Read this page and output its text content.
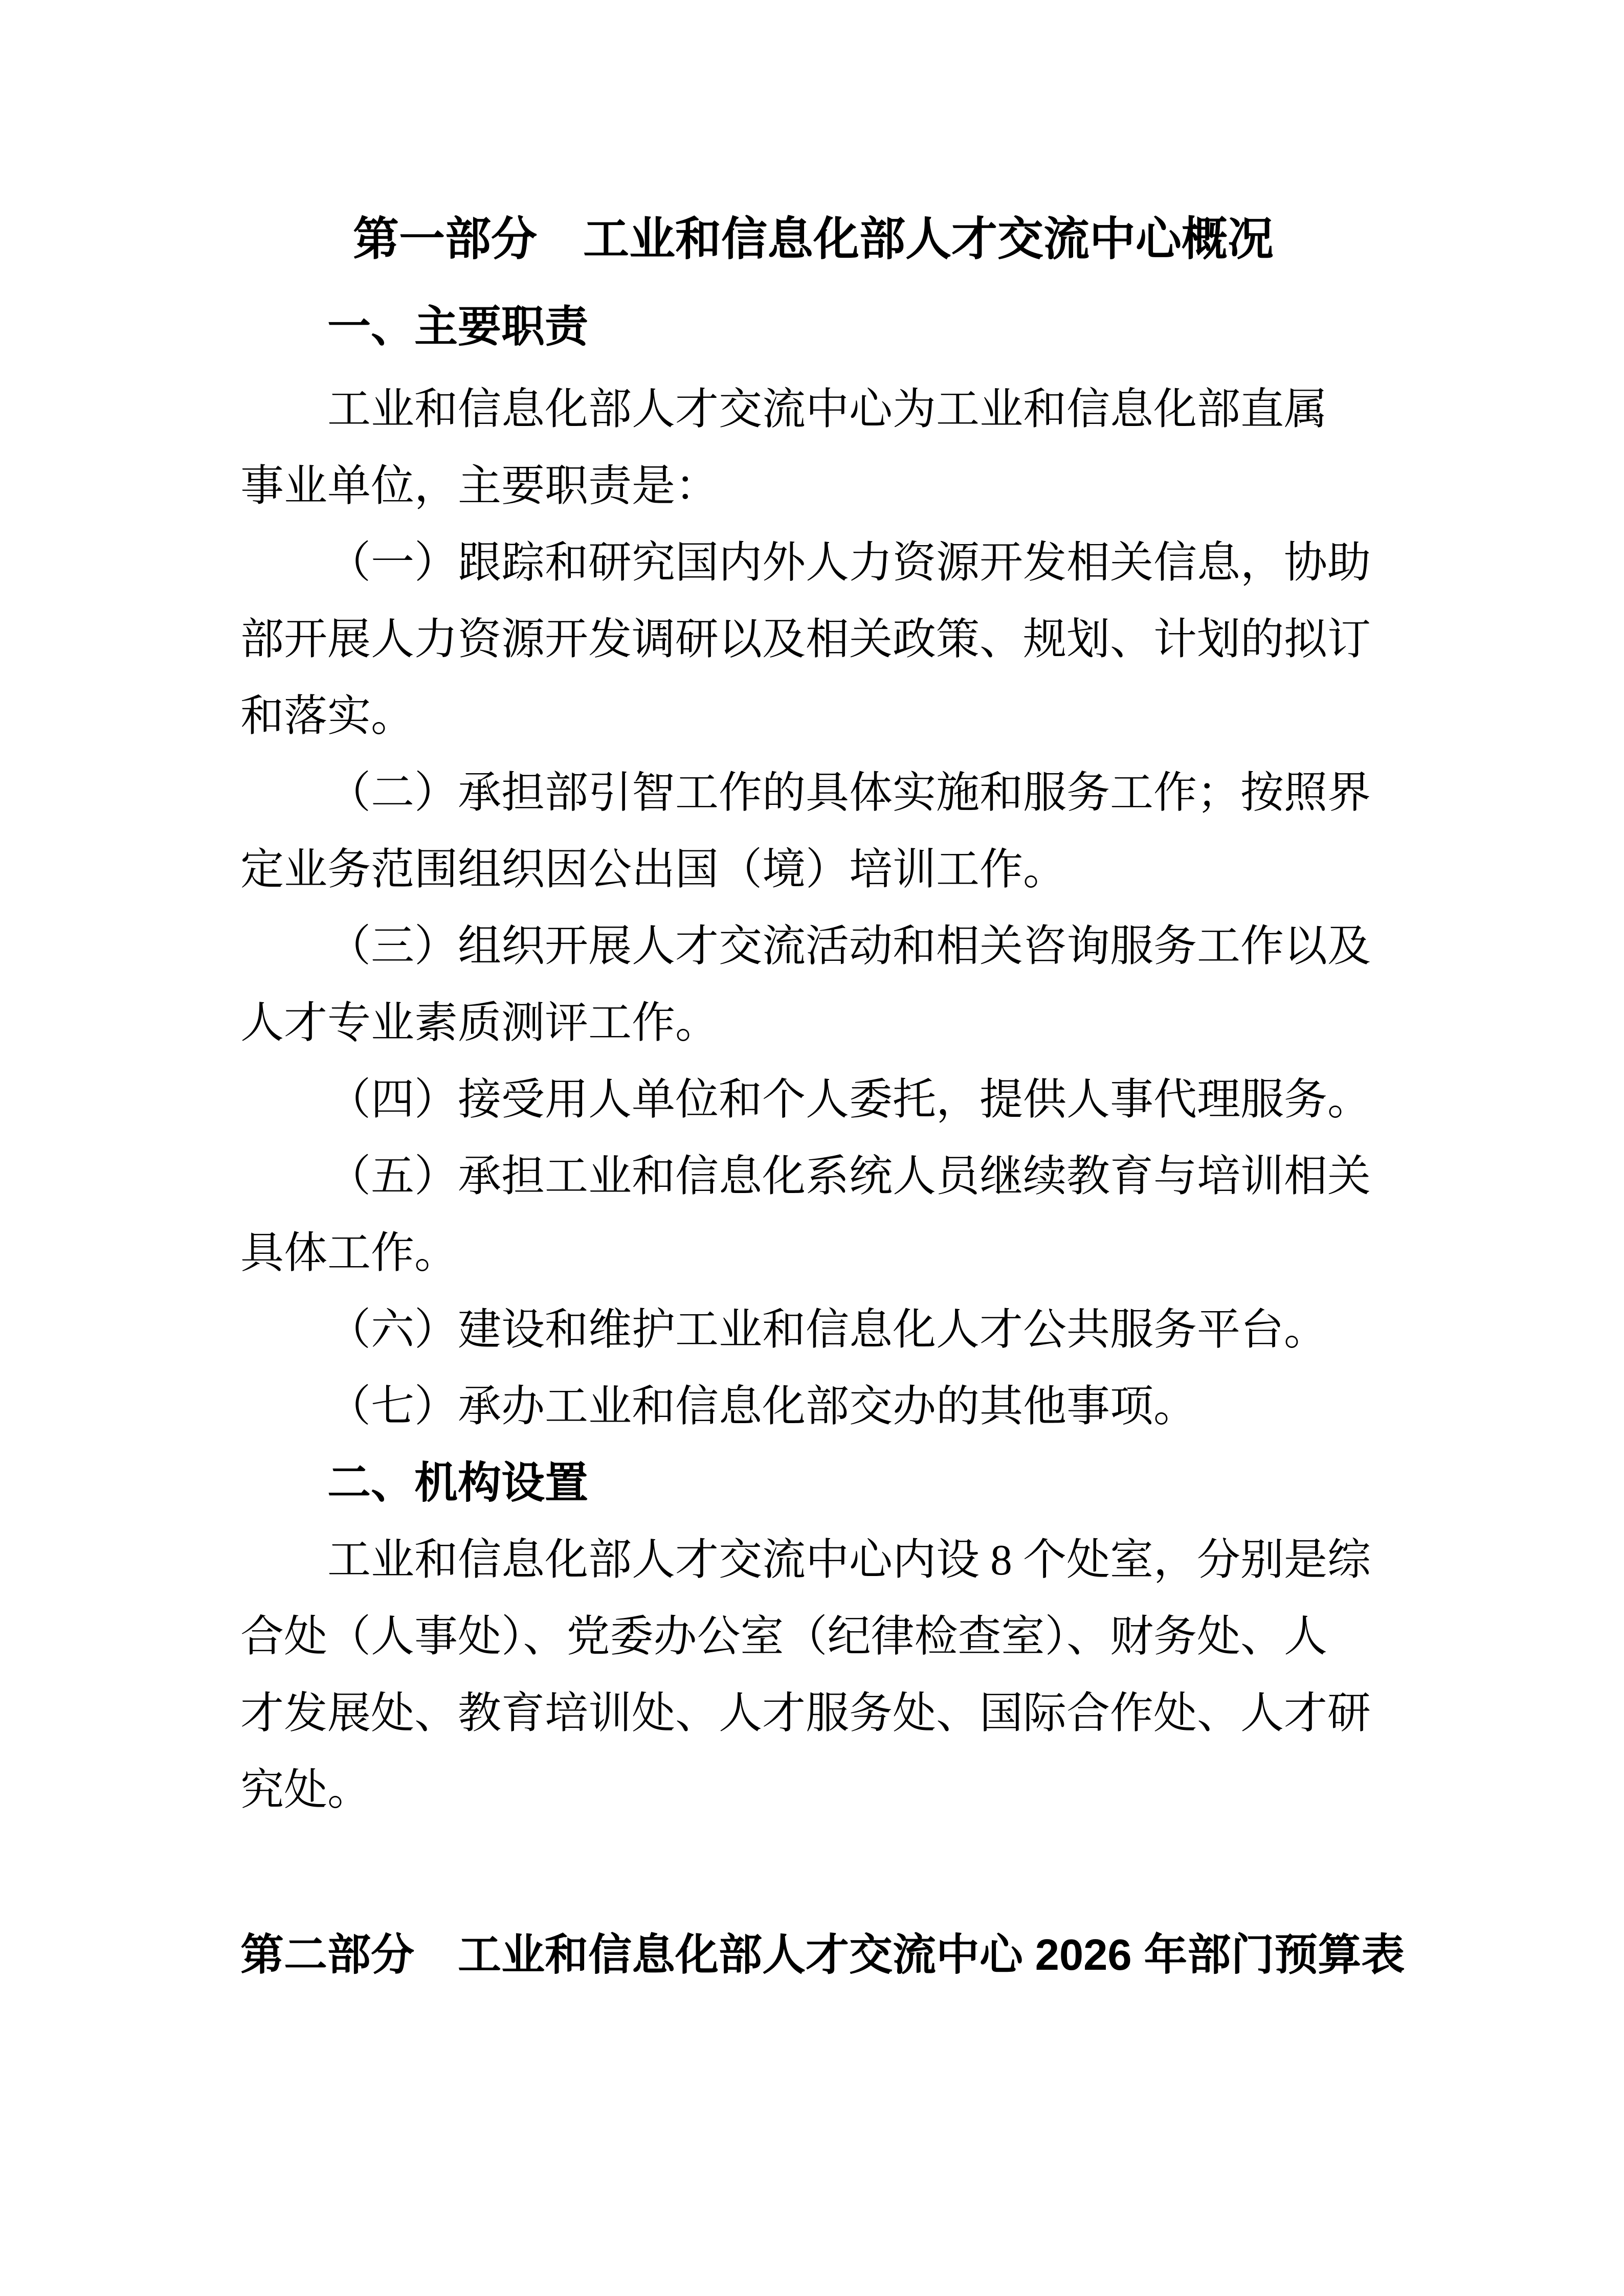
第一部分　工业和信息化部人才交流中心概况
一、主要职责
工业和信息化部人才交流中心为工业和信息化部直属
事业单位，主要职责是：
（一）跟踪和研究国内外人力资源开发相关信息，协助
部开展人力资源开发调研以及相关政策、规划、计划的拟订
和落实。
（二）承担部引智工作的具体实施和服务工作；按照界
定业务范围组织因公出国（境）培训工作。
（三）组织开展人才交流活动和相关咨询服务工作以及
人才专业素质测评工作。
（四）接受用人单位和个人委托，提供人事代理服务。
（五）承担工业和信息化系统人员继续教育与培训相关
具体工作。
（六）建设和维护工业和信息化人才公共服务平台。
（七）承办工业和信息化部交办的其他事项。
二、机构设置
工业和信息化部人才交流中心内设 8 个处室，分别是综
合处（人事处）、党委办公室（纪律检查室）、财务处、人
才发展处、教育培训处、人才服务处、国际合作处、人才研
究处。
第二部分　工业和信息化部人才交流中心 2026 年部门预算表
